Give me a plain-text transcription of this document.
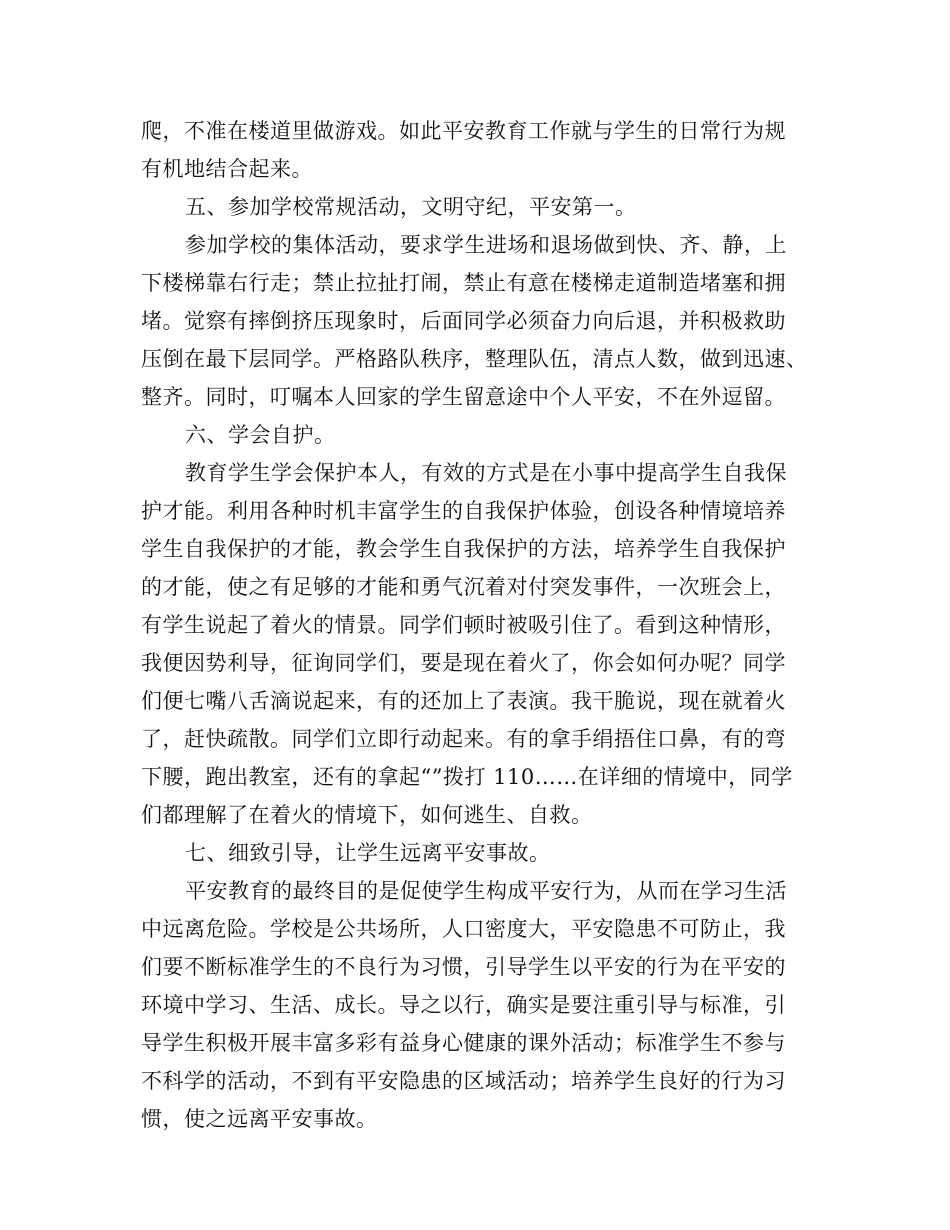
爬，不准在楼道里做游戏。如此平安教育工作就与学生的日常行为规
有机地结合起来。
五、参加学校常规活动，文明守纪，平安第一。
参加学校的集体活动，要求学生进场和退场做到快、齐、静，上
下楼梯靠右行走；禁止拉扯打闹，禁止有意在楼梯走道制造堵塞和拥
堵。觉察有摔倒挤压现象时，后面同学必须奋力向后退，并积极救助
压倒在最下层同学。严格路队秩序，整理队伍，清点人数，做到迅速、
整齐。同时，叮嘱本人回家的学生留意途中个人平安，不在外逗留。
六、学会自护。
教育学生学会保护本人，有效的方式是在小事中提高学生自我保
护才能。利用各种时机丰富学生的自我保护体验，创设各种情境培养
学生自我保护的才能，教会学生自我保护的方法，培养学生自我保护
的才能，使之有足够的才能和勇气沉着对付突发事件，一次班会上，
有学生说起了着火的情景。同学们顿时被吸引住了。看到这种情形，
我便因势利导，征询同学们，要是现在着火了，你会如何办呢？同学
们便七嘴八舌滴说起来，有的还加上了表演。我干脆说，现在就着火
了，赶快疏散。同学们立即行动起来。有的拿手绢捂住口鼻，有的弯
下腰，跑出教室，还有的拿起“”拨打 110……在详细的情境中，同学
们都理解了在着火的情境下，如何逃生、自救。
七、细致引导，让学生远离平安事故。
平安教育的最终目的是促使学生构成平安行为，从而在学习生活
中远离危险。学校是公共场所，人口密度大，平安隐患不可防止，我
们要不断标准学生的不良行为习惯，引导学生以平安的行为在平安的
环境中学习、生活、成长。导之以行，确实是要注重引导与标准，引
导学生积极开展丰富多彩有益身心健康的课外活动；标准学生不参与
不科学的活动，不到有平安隐患的区域活动；培养学生良好的行为习
惯，使之远离平安事故。
